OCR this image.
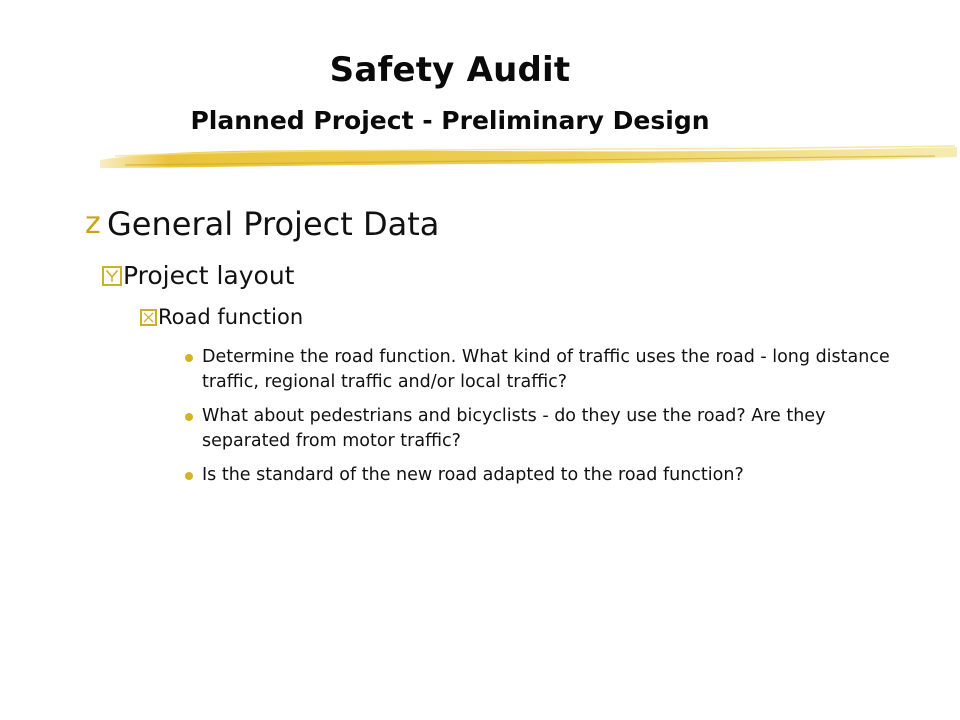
Safety Audit
Planned Project - Preliminary Design
z General Project Data
Project layout
Road function
Determine the road function. What kind of traffic uses the road - long distance traffic, regional traffic and/or local traffic?
What about pedestrians and bicyclists - do they use the road? Are they separated from motor traffic?
Is the standard of the new road adapted to the road function?
